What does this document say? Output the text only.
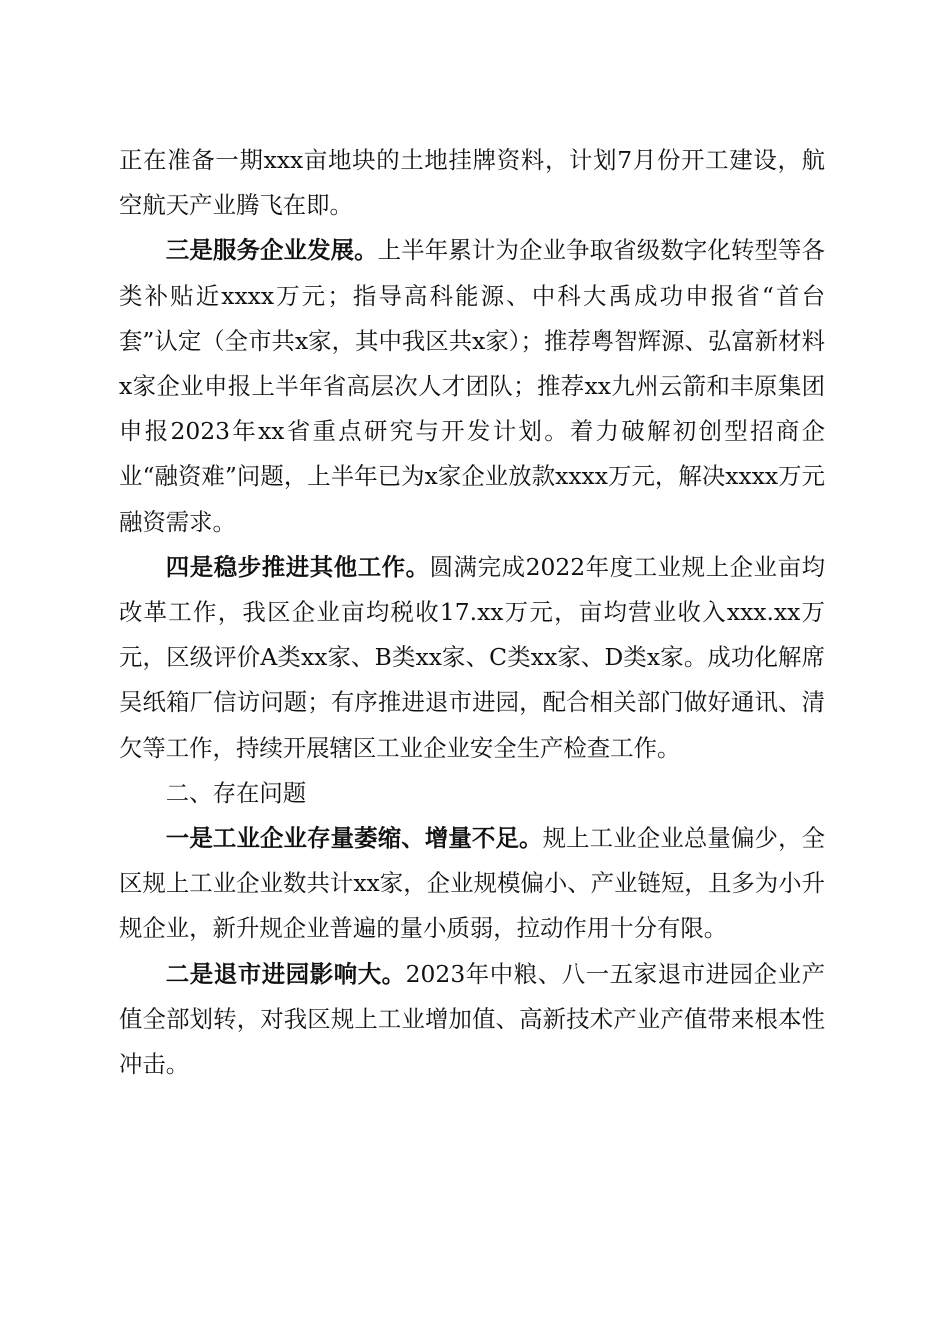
正在准备一期xxx亩地块的土地挂牌资料，计划7月份开工建设，航空航天产业腾飞在即。

三是服务企业发展。上半年累计为企业争取省级数字化转型等各类补贴近xxxx万元；指导高科能源、中科大禹成功申报省“首台套”认定（全市共x家，其中我区共x家）；推荐粤智辉源、弘富新材料x家企业申报上半年省高层次人才团队；推荐xx九州云箭和丰原集团申报2023年xx省重点研究与开发计划。着力破解初创型招商企业“融资难”问题，上半年已为x家企业放款xxxx万元，解决xxxx万元融资需求。

四是稳步推进其他工作。圆满完成2022年度工业规上企业亩均改革工作，我区企业亩均税收17.xx万元，亩均营业收入xxx.xx万元，区级评价A类xx家、B类xx家、C类xx家、D类x家。成功化解席吴纸箱厂信访问题；有序推进退市进园，配合相关部门做好通讯、清欠等工作，持续开展辖区工业企业安全生产检查工作。

二、存在问题

一是工业企业存量萎缩、增量不足。规上工业企业总量偏少，全区规上工业企业数共计xx家，企业规模偏小、产业链短，且多为小升规企业，新升规企业普遍的量小质弱，拉动作用十分有限。

二是退市进园影响大。2023年中粮、八一五家退市进园企业产值全部划转，对我区规上工业增加值、高新技术产业产值带来根本性冲击。
